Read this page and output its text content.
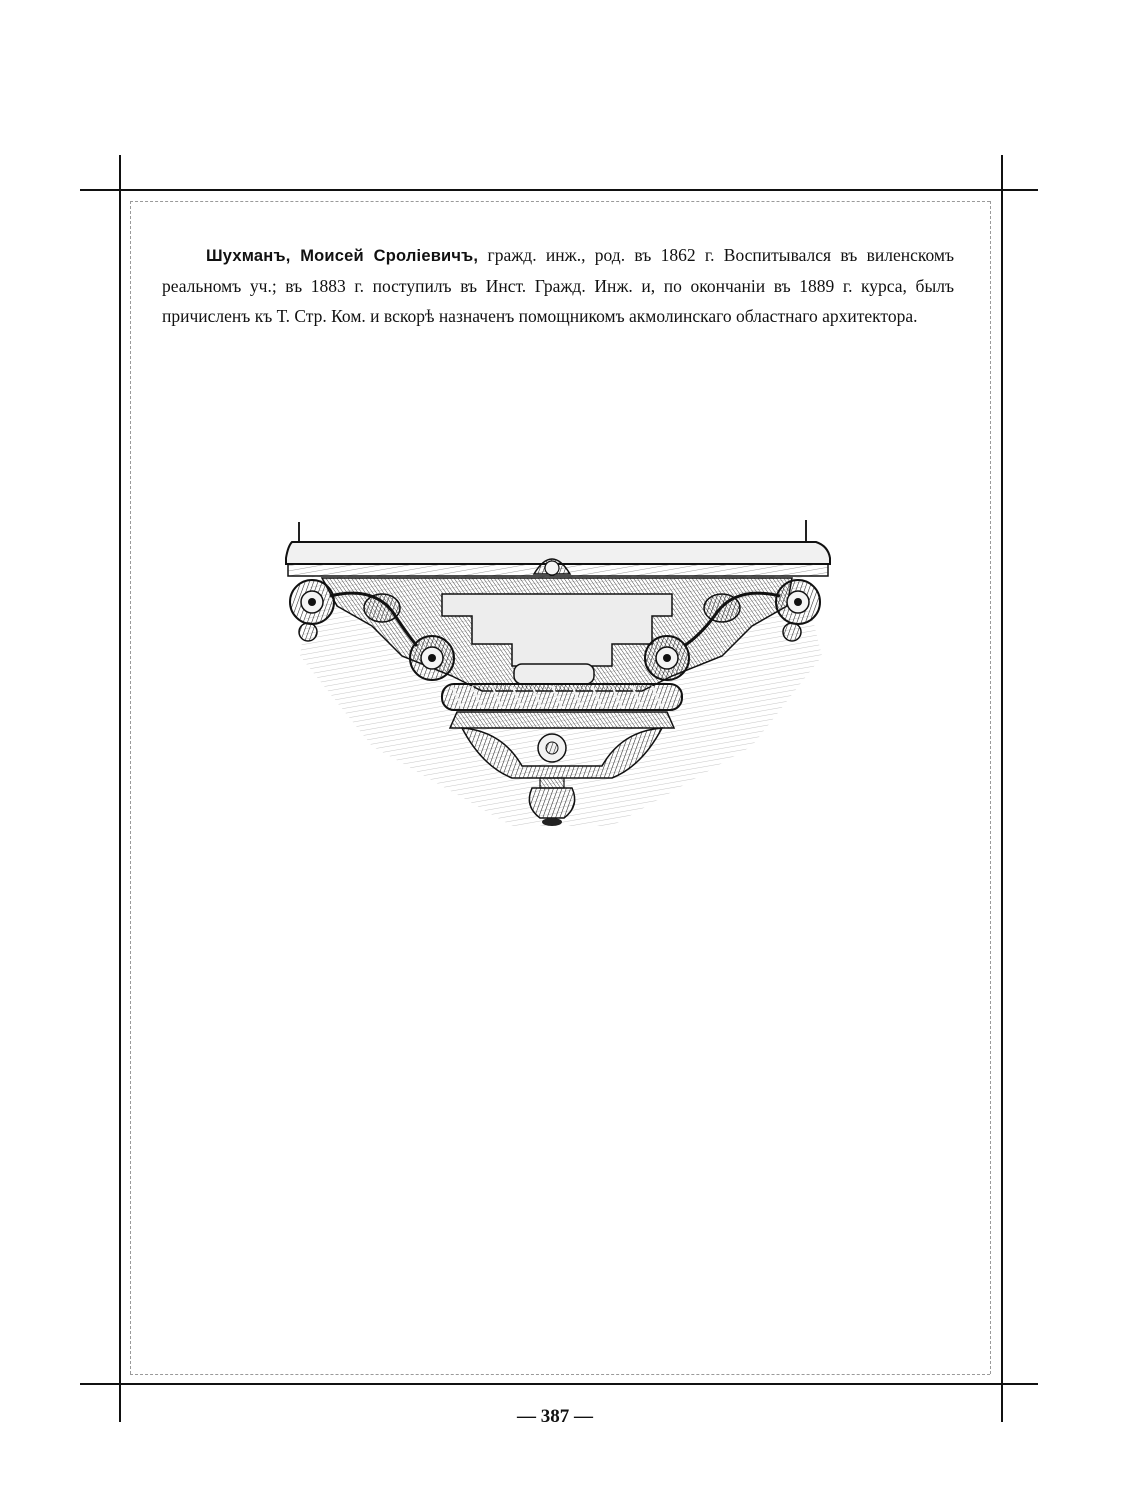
Шухманъ, Моисей Сролiевичъ, гражд. инж., род. въ 1862 г. Воспитывался въ виленскомъ реальномъ уч.; въ 1883 г. поступилъ въ Инст. Гражд. Инж. и, по окончанiи въ 1889 г. курса, былъ причисленъ къ Т. Стр. Ком. и вскорѣ назначенъ помощникомъ акмолинскаго областнаго архитектора.
— 387 —
